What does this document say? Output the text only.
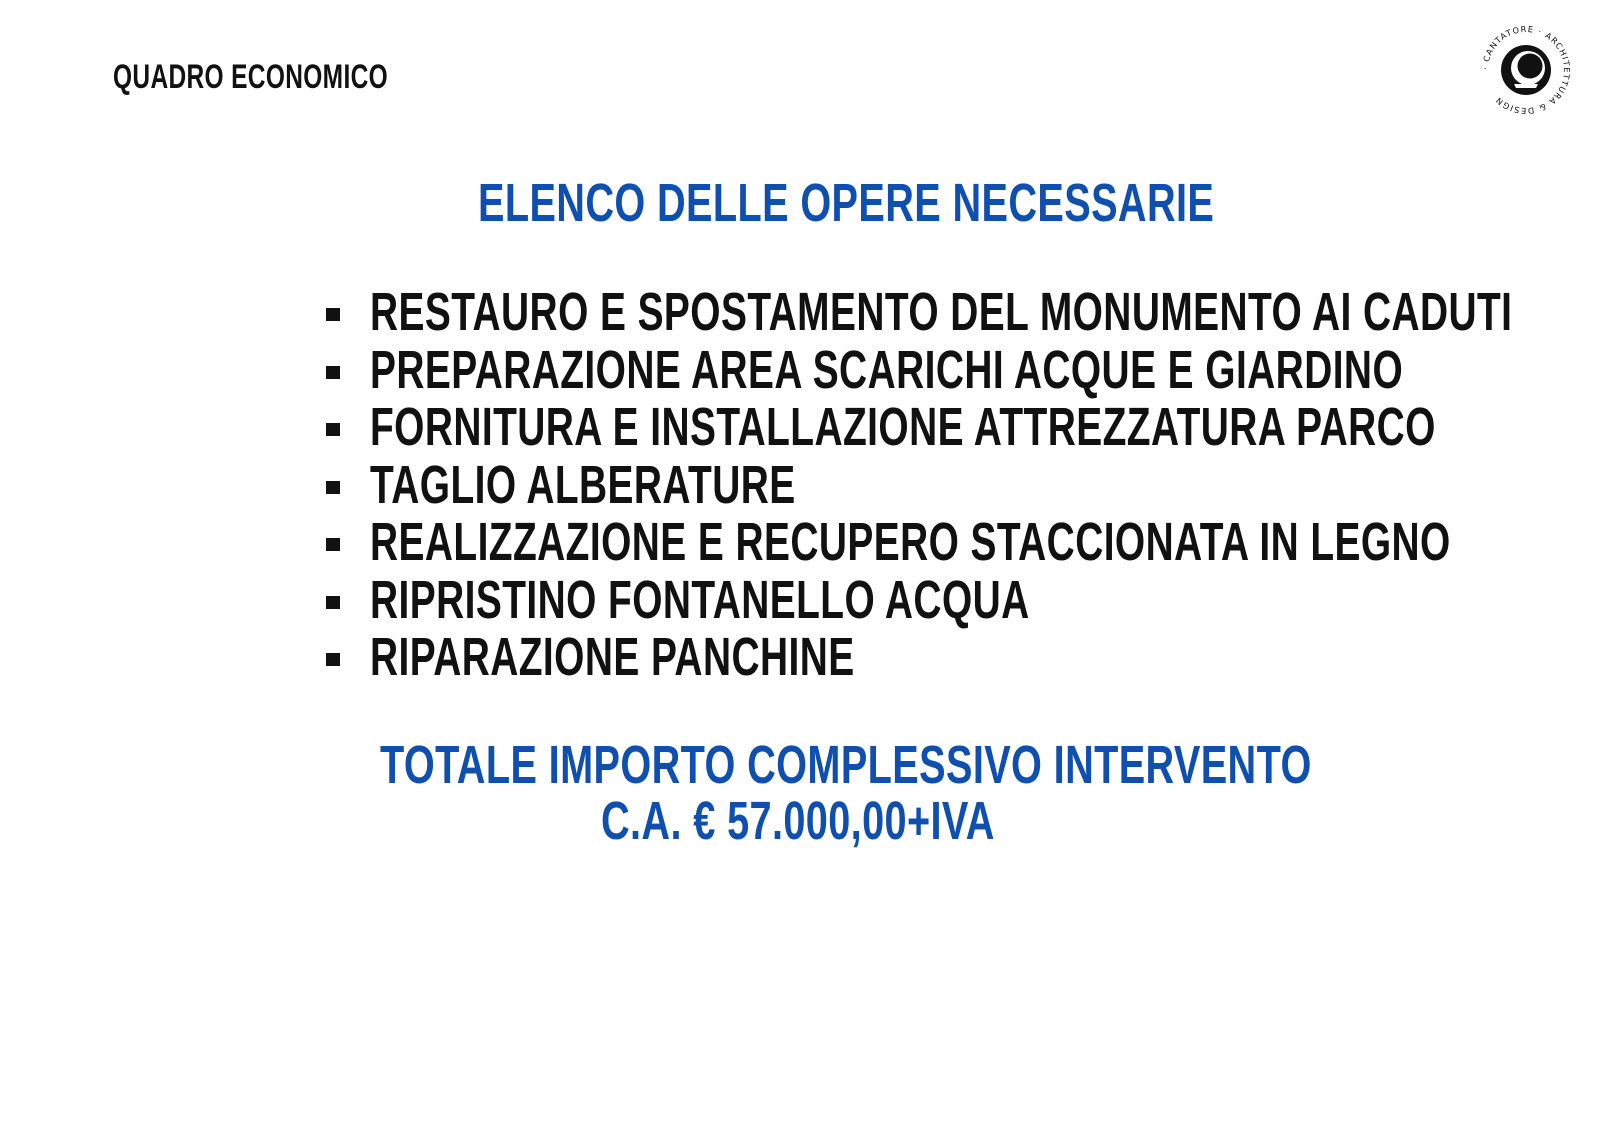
QUADRO ECONOMICO	· CANTATORE · ARCHITETTURA & DESIGN
ELENCO DELLE OPERE NECESSARIE
RESTAURO E SPOSTAMENTO DEL MONUMENTO AI CADUTI
PREPARAZIONE AREA SCARICHI ACQUE E GIARDINO
FORNITURA E INSTALLAZIONE ATTREZZATURA PARCO
TAGLIO ALBERATURE
REALIZZAZIONE E RECUPERO STACCIONATA IN LEGNO
RIPRISTINO FONTANELLO ACQUA
RIPARAZIONE PANCHINE
TOTALE IMPORTO COMPLESSIVO INTERVENTO
C.A. € 57.000,00+IVA
